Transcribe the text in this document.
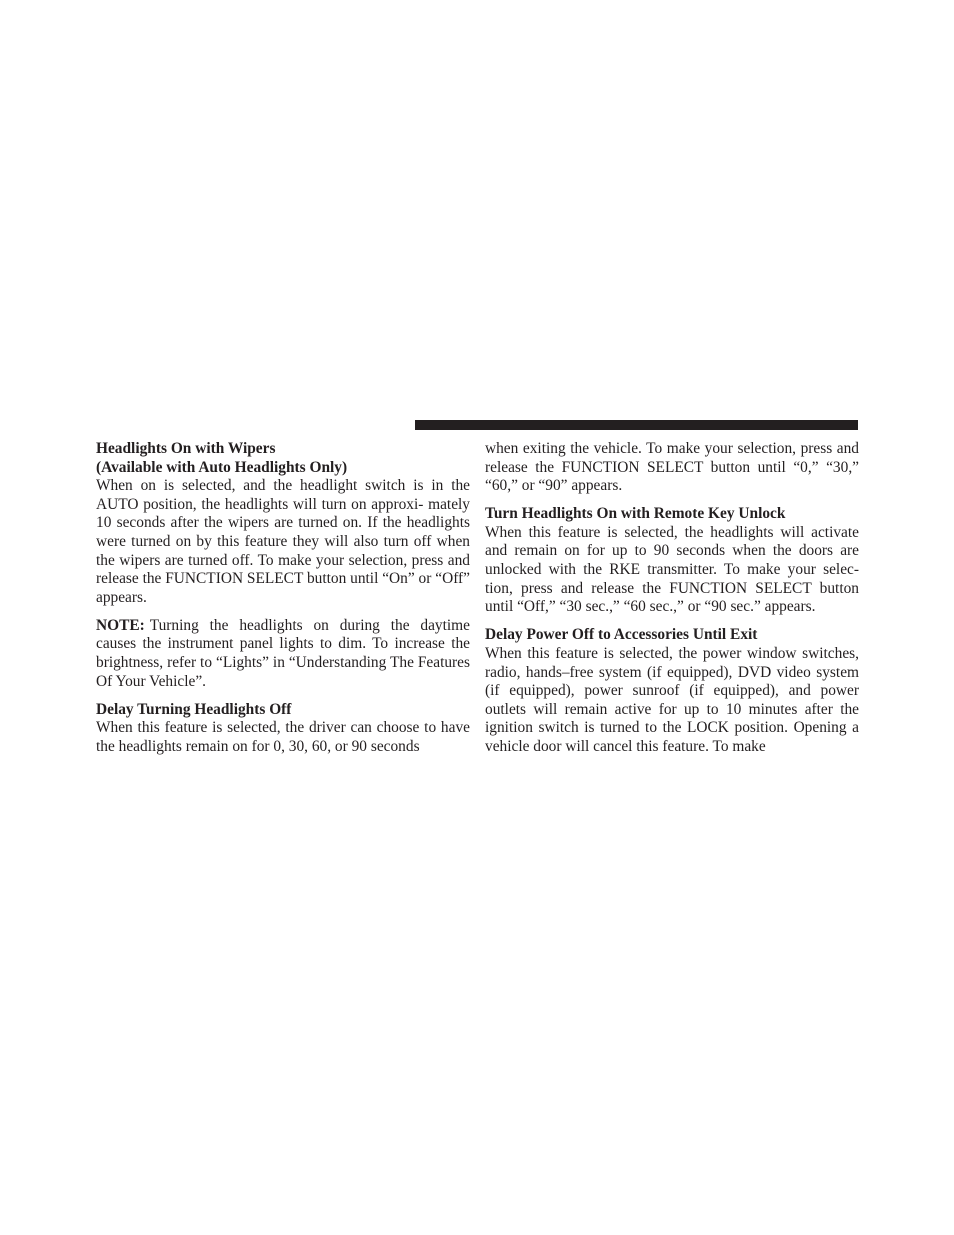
Headlights On with Wipers
(Available with Auto Headlights Only)

When on is selected, and the headlight switch is in the AUTO position, the headlights will turn on approxi- mately 10 seconds after the wipers are turned on. If the headlights were turned on by this feature they will also turn off when the wipers are turned off. To make your selection, press and release the FUNCTION SELECT button until “On” or “Off” appears.

NOTE: Turning the headlights on during the daytime causes the instrument panel lights to dim. To increase the brightness, refer to “Lights” in “Understanding The Features Of Your Vehicle”.

Delay Turning Headlights Off

When this feature is selected, the driver can choose to have the headlights remain on for 0, 30, 60, or 90 seconds

when exiting the vehicle. To make your selection, press and release the FUNCTION SELECT button until “0,” “30,” “60,” or “90” appears.

Turn Headlights On with Remote Key Unlock

When this feature is selected, the headlights will activate and remain on for up to 90 seconds when the doors are unlocked with the RKE transmitter. To make your selec- tion, press and release the FUNCTION SELECT button until “Off,” “30 sec.,” “60 sec.,” or “90 sec.” appears.

Delay Power Off to Accessories Until Exit

When this feature is selected, the power window switches, radio, hands–free system (if equipped), DVD video system (if equipped), power sunroof (if equipped), and power outlets will remain active for up to 10 minutes after the ignition switch is turned to the LOCK position. Opening a vehicle door will cancel this feature. To make
